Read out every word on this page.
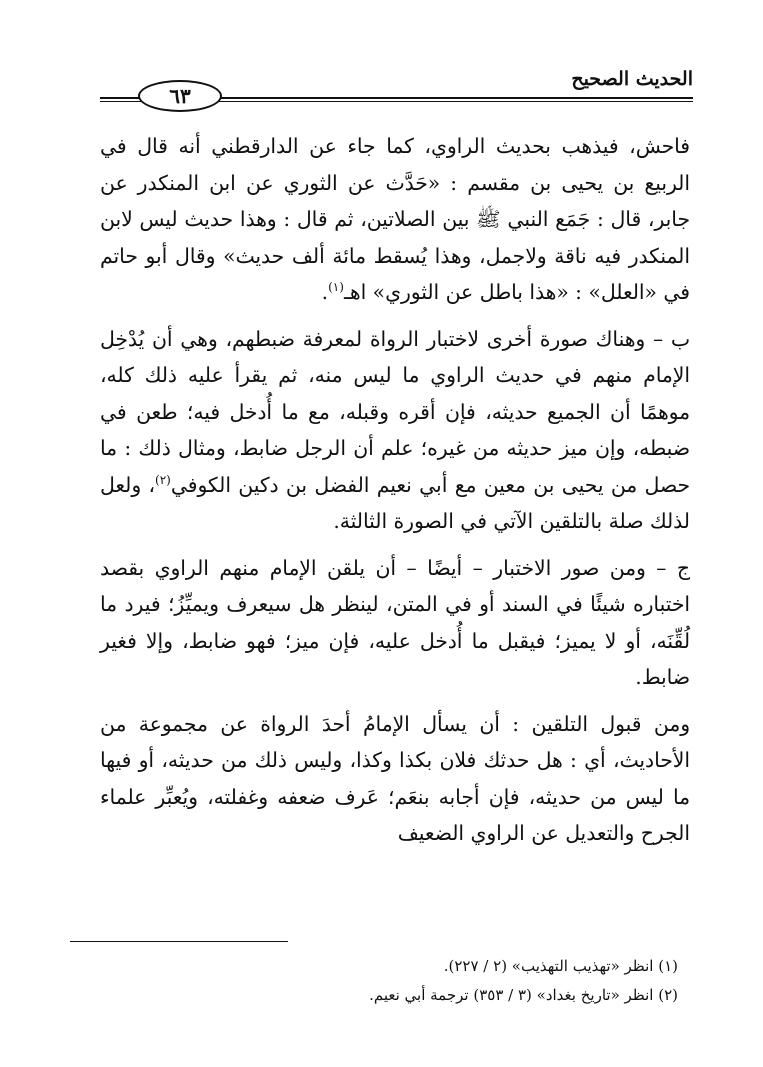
الحديث الصحيح
٦٣

فاحش، فيذهب بحديث الراوي، كما جاء عن الدارقطني أنه قال في الربيع بن يحيى بن مقسم : «حَدَّث عن الثوري عن ابن المنكدر عن جابر، قال : جَمَع النبي ﷺ بين الصلاتين، ثم قال : وهذا حديث ليس لابن المنكدر فيه ناقة ولاجمل، وهذا يُسقط مائة ألف حديث» وقال أبو حاتم في «العلل» : «هذا باطل عن الثوري» اهـ$^{(١)}$.

ب – وهناك صورة أخرى لاختبار الرواة لمعرفة ضبطهم، وهي أن يُدْخِل الإمام منهم في حديث الراوي ما ليس منه، ثم يقرأ عليه ذلك كله، موهمًا أن الجميع حديثه، فإن أقره وقبله، مع ما أُدخل فيه؛ طعن في ضبطه، وإن ميز حديثه من غيره؛ علم أن الرجل ضابط، ومثال ذلك : ما حصل من يحيى بن معين مع أبي نعيم الفضل بن دكين الكوفي$^{(٢)}$، ولعل لذلك صلة بالتلقين الآتي في الصورة الثالثة.

ج – ومن صور الاختبار – أيضًا – أن يلقن الإمام منهم الراوي بقصد اختباره شيئًا في السند أو في المتن، لينظر هل سيعرف ويميِّزُ؛ فيرد ما لُقِّنَه، أو لا يميز؛ فيقبل ما أُدخل عليه، فإن ميز؛ فهو ضابط، وإلا فغير ضابط.

ومن قبول التلقين : أن يسأل الإمامُ أحدَ الرواة عن مجموعة من الأحاديث، أي : هل حدثك فلان بكذا وكذا، وليس ذلك من حديثه، أو فيها ما ليس من حديثه، فإن أجابه بنعَم؛ عَرف ضعفه وغفلته، ويُعبِّر علماء الجرح والتعديل عن الراوي الضعيف

(١) انظر «تهذيب التهذيب» (٢ / ٢٢٧).

(٢) انظر «تاريخ بغداد» (٣ / ٣٥٣) ترجمة أبي نعيم.
